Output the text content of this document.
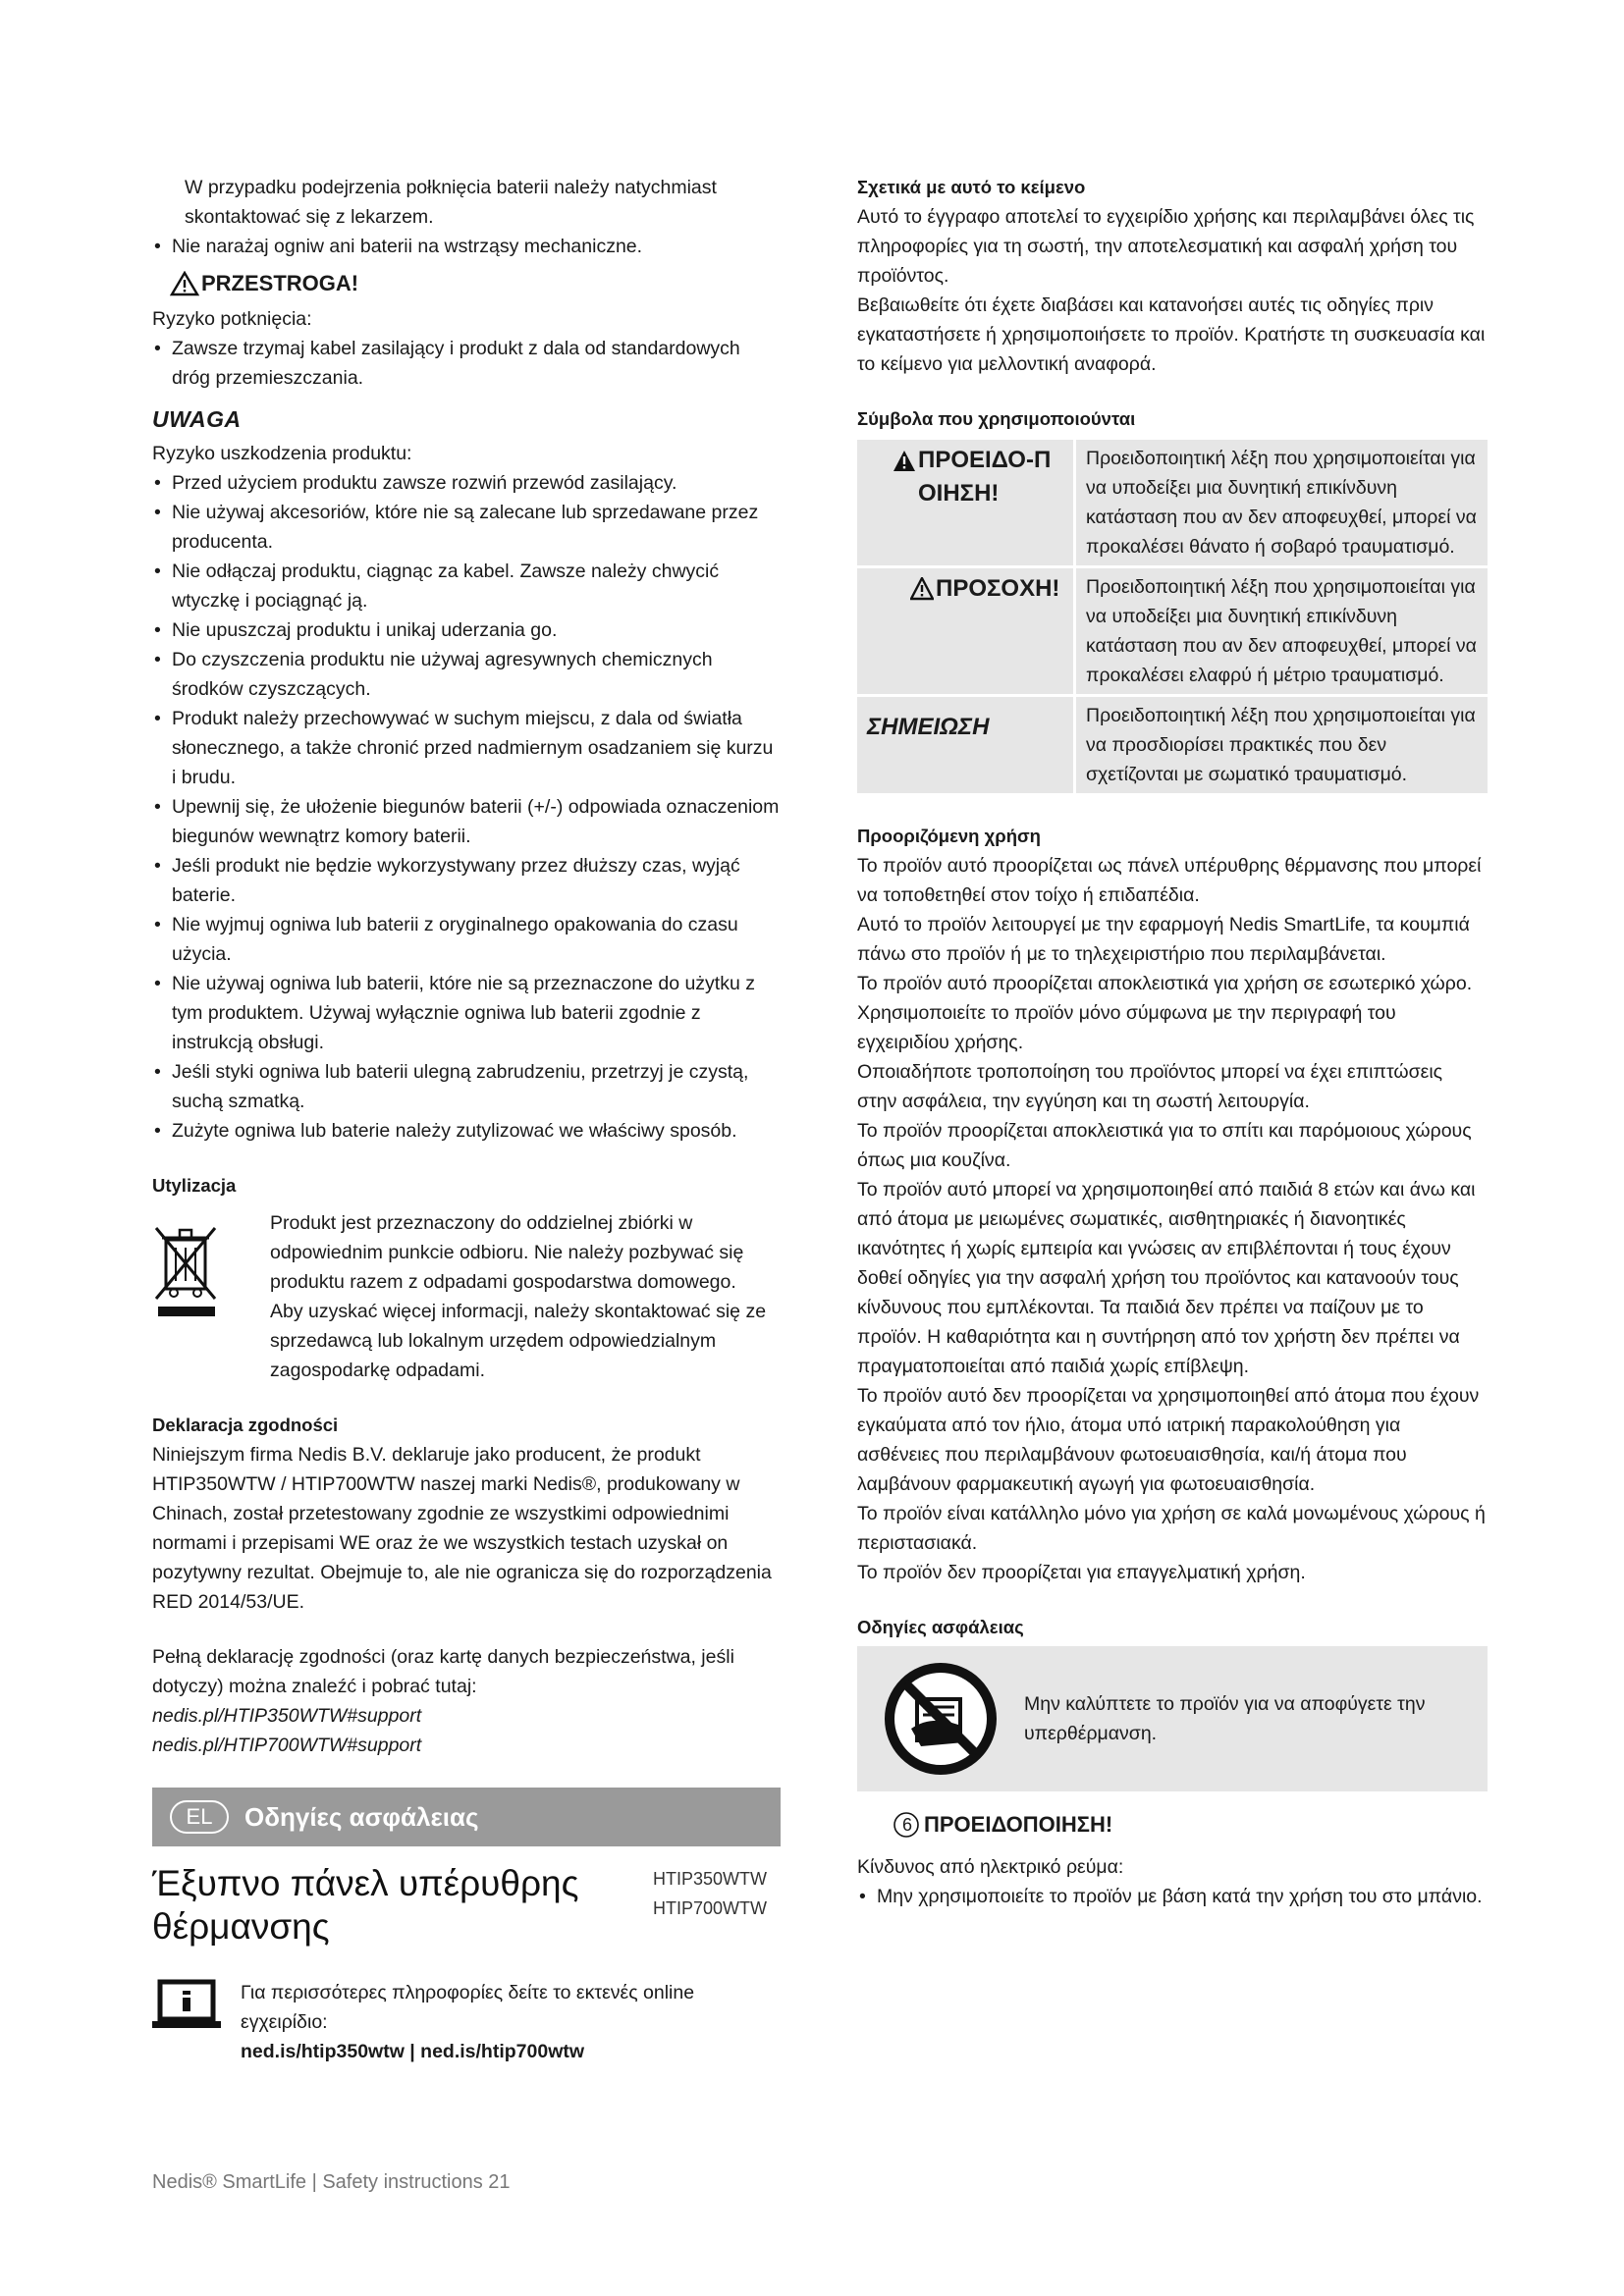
W przypadku podejrzenia połknięcia baterii należy natychmiast skontaktować się z lekarzem.

• Nie narażaj ogniw ani baterii na wstrząsy mechaniczne.
PRZESTROGA!

Ryzyko potknięcia:

• Zawsze trzymaj kabel zasilający i produkt z dala od standardowych dróg przemieszczania.
UWAGA

Ryzyko uszkodzenia produktu:

• Przed użyciem produktu zawsze rozwiń przewód zasilający.
• Nie używaj akcesoriów, które nie są zalecane lub sprzedawane przez producenta.
• Nie odłączaj produktu, ciągnąc za kabel. Zawsze należy chwycić wtyczkę i pociągnąć ją.
• Nie upuszczaj produktu i unikaj uderzania go.
• Do czyszczenia produktu nie używaj agresywnych chemicznych środków czyszczących.
• Produkt należy przechowywać w suchym miejscu, z dala od światła słonecznego, a także chronić przed nadmiernym osadzaniem się kurzu i brudu.
• Upewnij się, że ułożenie biegunów baterii (+/-) odpowiada oznaczeniom biegunów wewnątrz komory baterii.
• Jeśli produkt nie będzie wykorzystywany przez dłuższy czas, wyjąć baterie.
• Nie wyjmuj ogniwa lub baterii z oryginalnego opakowania do czasu użycia.
• Nie używaj ogniwa lub baterii, które nie są przeznaczone do użytku z tym produktem. Używaj wyłącznie ogniwa lub baterii zgodnie z instrukcją obsługi.
• Jeśli styki ogniwa lub baterii ulegną zabrudzeniu, przetrzyj je czystą, suchą szmatką.
• Zużyte ogniwa lub baterie należy zutylizować we właściwy sposób.
Utylizacja

Produkt jest przeznaczony do oddzielnej zbiórki w odpowiednim punkcie odbioru. Nie należy pozbywać się produktu razem z odpadami gospodarstwa domowego.

Aby uzyskać więcej informacji, należy skontaktować się ze sprzedawcą lub lokalnym urzędem odpowiedzialnym zagospodarkę odpadami.

Deklaracja zgodności

Niniejszym firma Nedis B.V. deklaruje jako producent, że produkt HTIP350WTW / HTIP700WTW naszej marki Nedis®, produkowany w Chinach, został przetestowany zgodnie ze wszystkimi odpowiednimi normami i przepisami WE oraz że we wszystkich testach uzyskał on pozytywny rezultat. Obejmuje to, ale nie ogranicza się do rozporządzenia RED 2014/53/UE.

Pełną deklarację zgodności (oraz kartę danych bezpieczeństwa, jeśli dotyczy) można znaleźć i pobrać tutaj:

nedis.pl/HTIP350WTW#support

nedis.pl/HTIP700WTW#support

EL	Οδηγίες ασφάλειας
Έξυπνο πάνελ υπέρυθρης θέρμανσης
HTIP350WTW
HTIP700WTW

Για περισσότερες πληροφορίες δείτε το εκτενές online εγχειρίδιο:

ned.is/htip350wtw | ned.is/htip700wtw

Σχετικά με αυτό το κείμενο

Αυτό το έγγραφο αποτελεί το εγχειρίδιο χρήσης και περιλαμβάνει όλες τις πληροφορίες για τη σωστή, την αποτελεσματική και ασφαλή χρήση του προϊόντος.

Βεβαιωθείτε ότι έχετε διαβάσει και κατανοήσει αυτές τις οδηγίες πριν εγκαταστήσετε ή χρησιμοποιήσετε το προϊόν. Κρατήστε τη συσκευασία και το κείμενο για μελλοντική αναφορά.

Σύμβολα που χρησιμοποιούνται
ΠΡΟΕΙΔΟ-ΠΟΙΗΣΗ!	Προειδοποιητική λέξη που χρησιμοποιείται για να υποδείξει μια δυνητική επικίνδυνη κατάσταση που αν δεν αποφευχθεί, μπορεί να προκαλέσει θάνατο ή σοβαρό τραυματισμό.

ΠΡΟΣΟΧΗ!	Προειδοποιητική λέξη που χρησιμοποιείται για να υποδείξει μια δυνητική επικίνδυνη κατάσταση που αν δεν αποφευχθεί, μπορεί να προκαλέσει ελαφρύ ή μέτριο τραυματισμό.
ΣΗΜΕΙΩΣΗ	Προειδοποιητική λέξη που χρησιμοποιείται για να προσδιορίσει πρακτικές που δεν σχετίζονται με σωματικό τραυματισμό.
Προοριζόμενη χρήση

Το προϊόν αυτό προορίζεται ως πάνελ υπέρυθρης θέρμανσης που μπορεί να τοποθετηθεί στον τοίχο ή επιδαπέδια.

Αυτό το προϊόν λειτουργεί με την εφαρμογή Nedis SmartLife, τα κουμπιά πάνω στο προϊόν ή με το τηλεχειριστήριο που περιλαμβάνεται.

Το προϊόν αυτό προορίζεται αποκλειστικά για χρήση σε εσωτερικό χώρο.

Χρησιμοποιείτε το προϊόν μόνο σύμφωνα με την περιγραφή του εγχειριδίου χρήσης.

Οποιαδήποτε τροποποίηση του προϊόντος μπορεί να έχει επιπτώσεις στην ασφάλεια, την εγγύηση και τη σωστή λειτουργία.

Το προϊόν προορίζεται αποκλειστικά για το σπίτι και παρόμοιους χώρους όπως μια κουζίνα.

Το προϊόν αυτό μπορεί να χρησιμοποιηθεί από παιδιά 8 ετών και άνω και από άτομα με μειωμένες σωματικές, αισθητηριακές ή διανοητικές ικανότητες ή χωρίς εμπειρία και γνώσεις αν επιβλέπονται ή τους έχουν δοθεί οδηγίες για την ασφαλή χρήση του προϊόντος και κατανοούν τους κίνδυνους που εμπλέκονται. Τα παιδιά δεν πρέπει να παίζουν με το προϊόν. Η καθαριότητα και η συντήρηση από τον χρήστη δεν πρέπει να πραγματοποιείται από παιδιά χωρίς επίβλεψη.

Το προϊόν αυτό δεν προορίζεται να χρησιμοποιηθεί από άτομα που έχουν εγκαύματα από τον ήλιο, άτομα υπό ιατρική παρακολούθηση για ασθένειες που περιλαμβάνουν φωτοευαισθησία, και/ή άτομα που λαμβάνουν φαρμακευτική αγωγή για φωτοευαισθησία.

Το προϊόν είναι κατάλληλο μόνο για χρήση σε καλά μονωμένους χώρους ή περιστασιακά.

Το προϊόν δεν προορίζεται για επαγγελματική χρήση.

Οδηγίες ασφάλειας

Μην καλύπτετε το προϊόν για να αποφύγετε την υπερθέρμανση.

6 ΠΡΟΕΙΔΟΠΟΙΗΣΗ!

Κίνδυνος από ηλεκτρικό ρεύμα:

• Μην χρησιμοποιείτε το προϊόν με βάση κατά την χρήση του στο μπάνιο.
Nedis® SmartLife | Safety instructions 21
